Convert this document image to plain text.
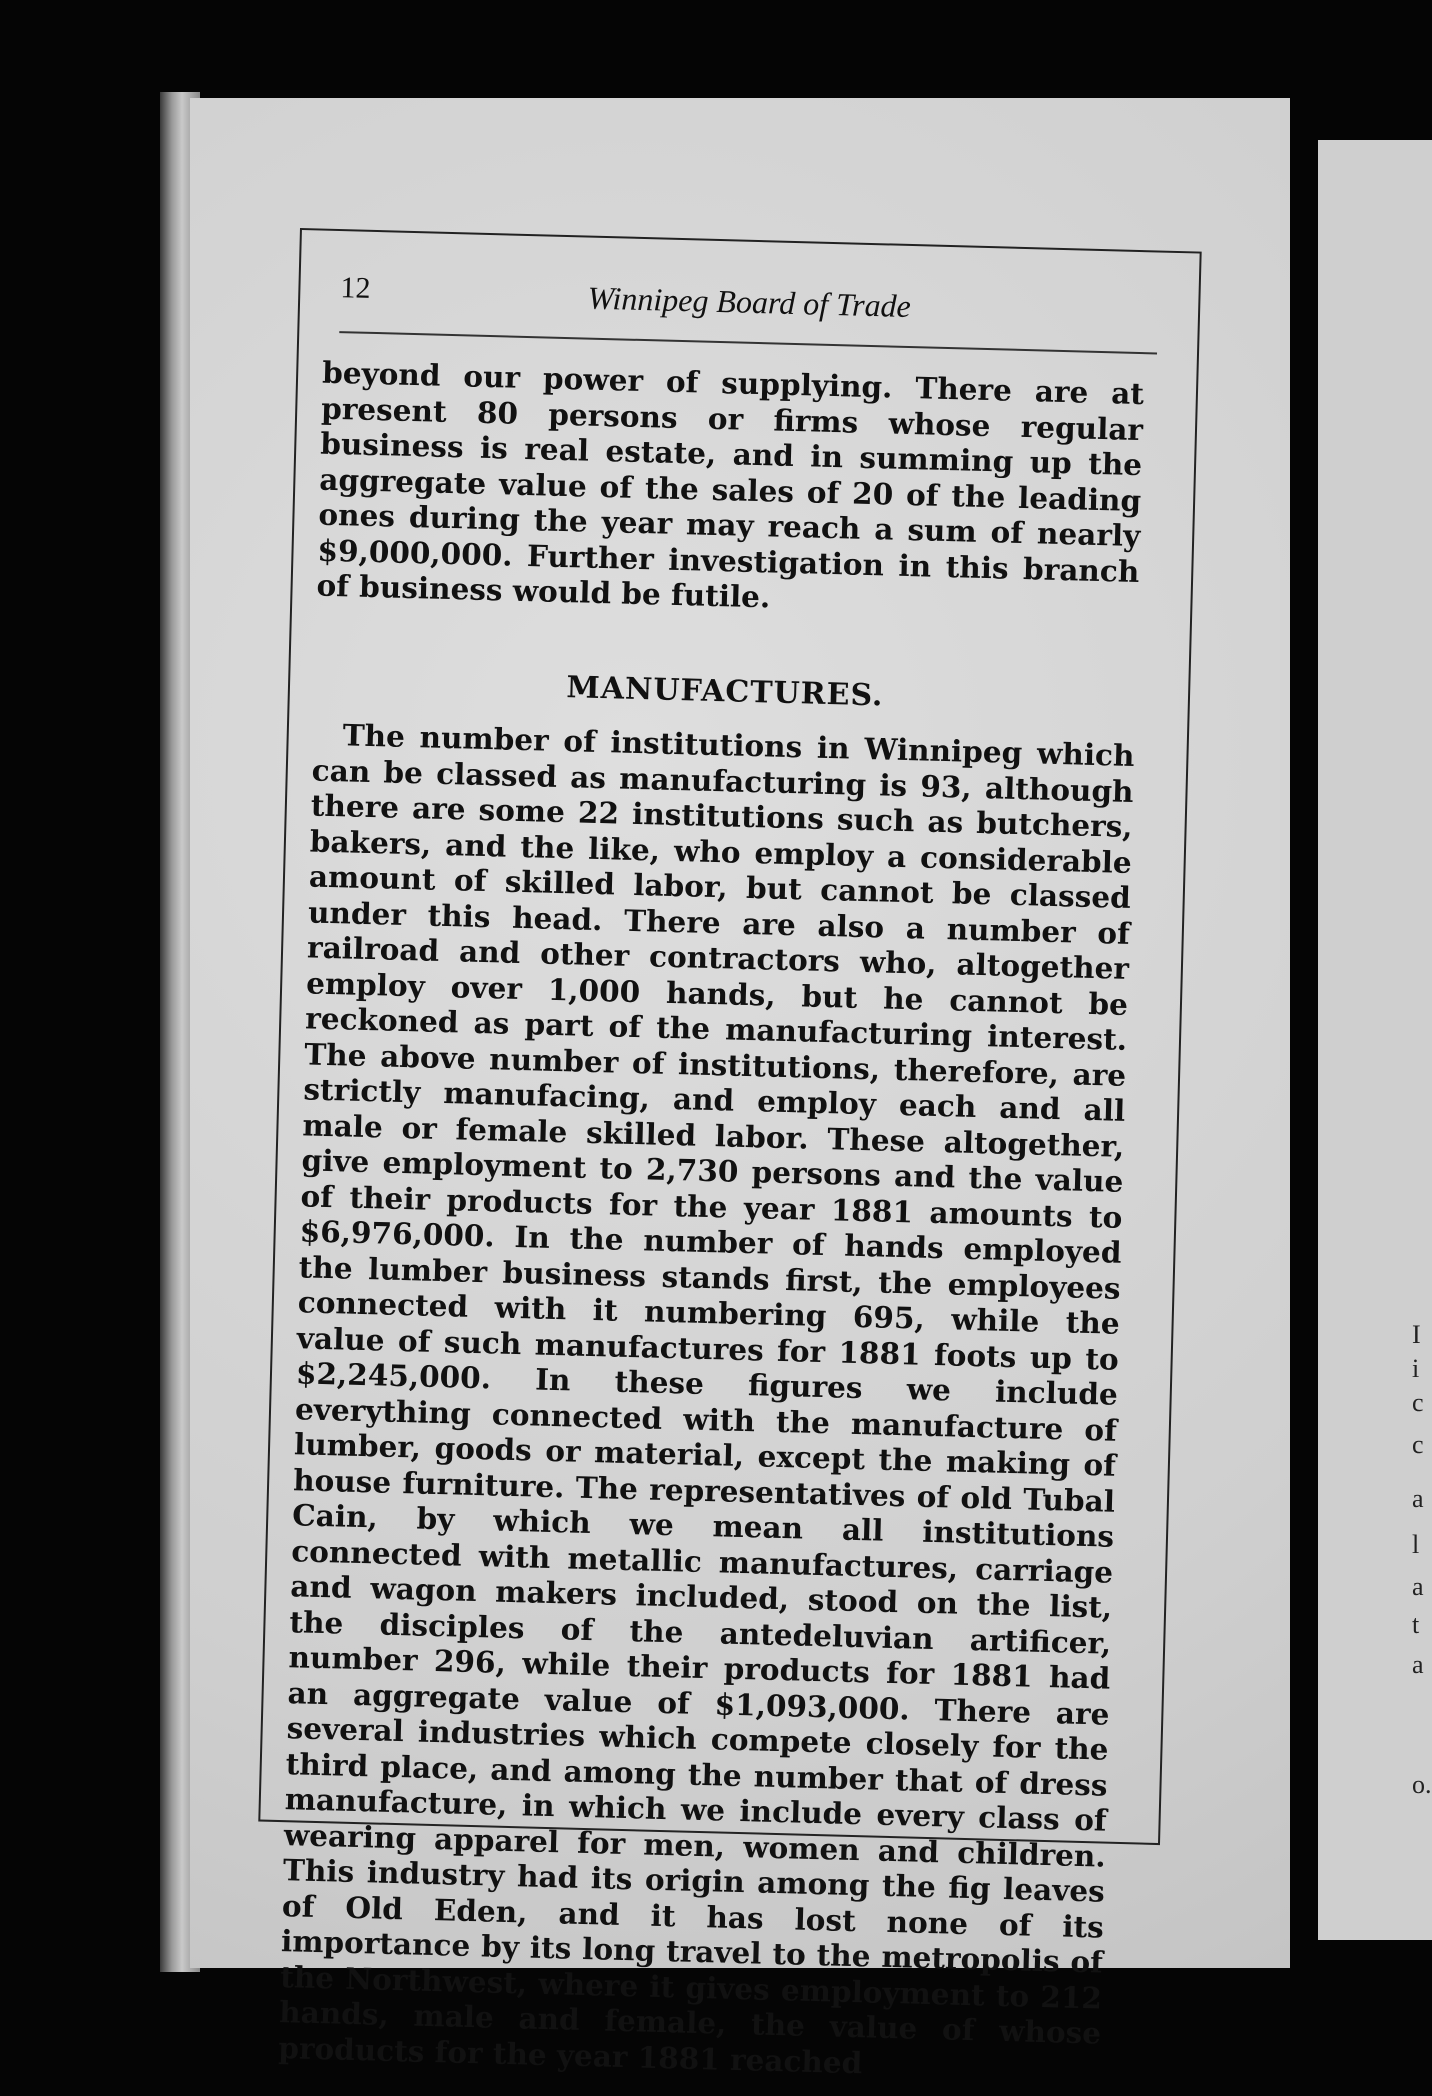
I
i
c
c
a
l
a
t
a
o.
12	Winnipeg Board of Trade

beyond our power of supplying. There are at present 80 persons or firms whose regular business is real estate, and in summing up the aggregate value of the sales of 20 of the leading ones during the year may reach a sum of nearly $9,000,000. Further investigation in this branch of business would be futile.

MANUFACTURES.

The number of institutions in Winnipeg which can be classed as manufacturing is 93, although there are some 22 institutions such as butchers, bakers, and the like, who employ a considerable amount of skilled labor, but cannot be classed under this head. There are also a number of railroad and other contractors who, altogether employ over 1,000 hands, but he cannot be reckoned as part of the manufacturing interest. The above number of institutions, therefore, are strictly manufacing, and employ each and all male or female skilled labor. These altogether, give employment to 2,730 persons and the value of their products for the year 1881 amounts to $6,976,000. In the number of hands employed the lumber business stands first, the employees connected with it numbering 695, while the value of such manufactures for 1881 foots up to $2,245,000. In these figures we include everything connected with the manufacture of lumber, goods or material, except the making of house furniture. The representatives of old Tubal Cain, by which we mean all institutions connected with metallic manufactures, carriage and wagon makers included, stood on the list, the disciples of the antedeluvian artificer, number 296, while their products for 1881 had an aggregate value of $1,093,000. There are several industries which compete closely for the third place, and among the number that of dress manufacture, in which we include every class of wearing apparel for men, women and children. This industry had its origin among the fig leaves of Old Eden, and it has lost none of its importance by its long travel to the metropolis of the Northwest, where it gives employment to 212 hands, male and female, the value of whose products for the year 1881 reached
